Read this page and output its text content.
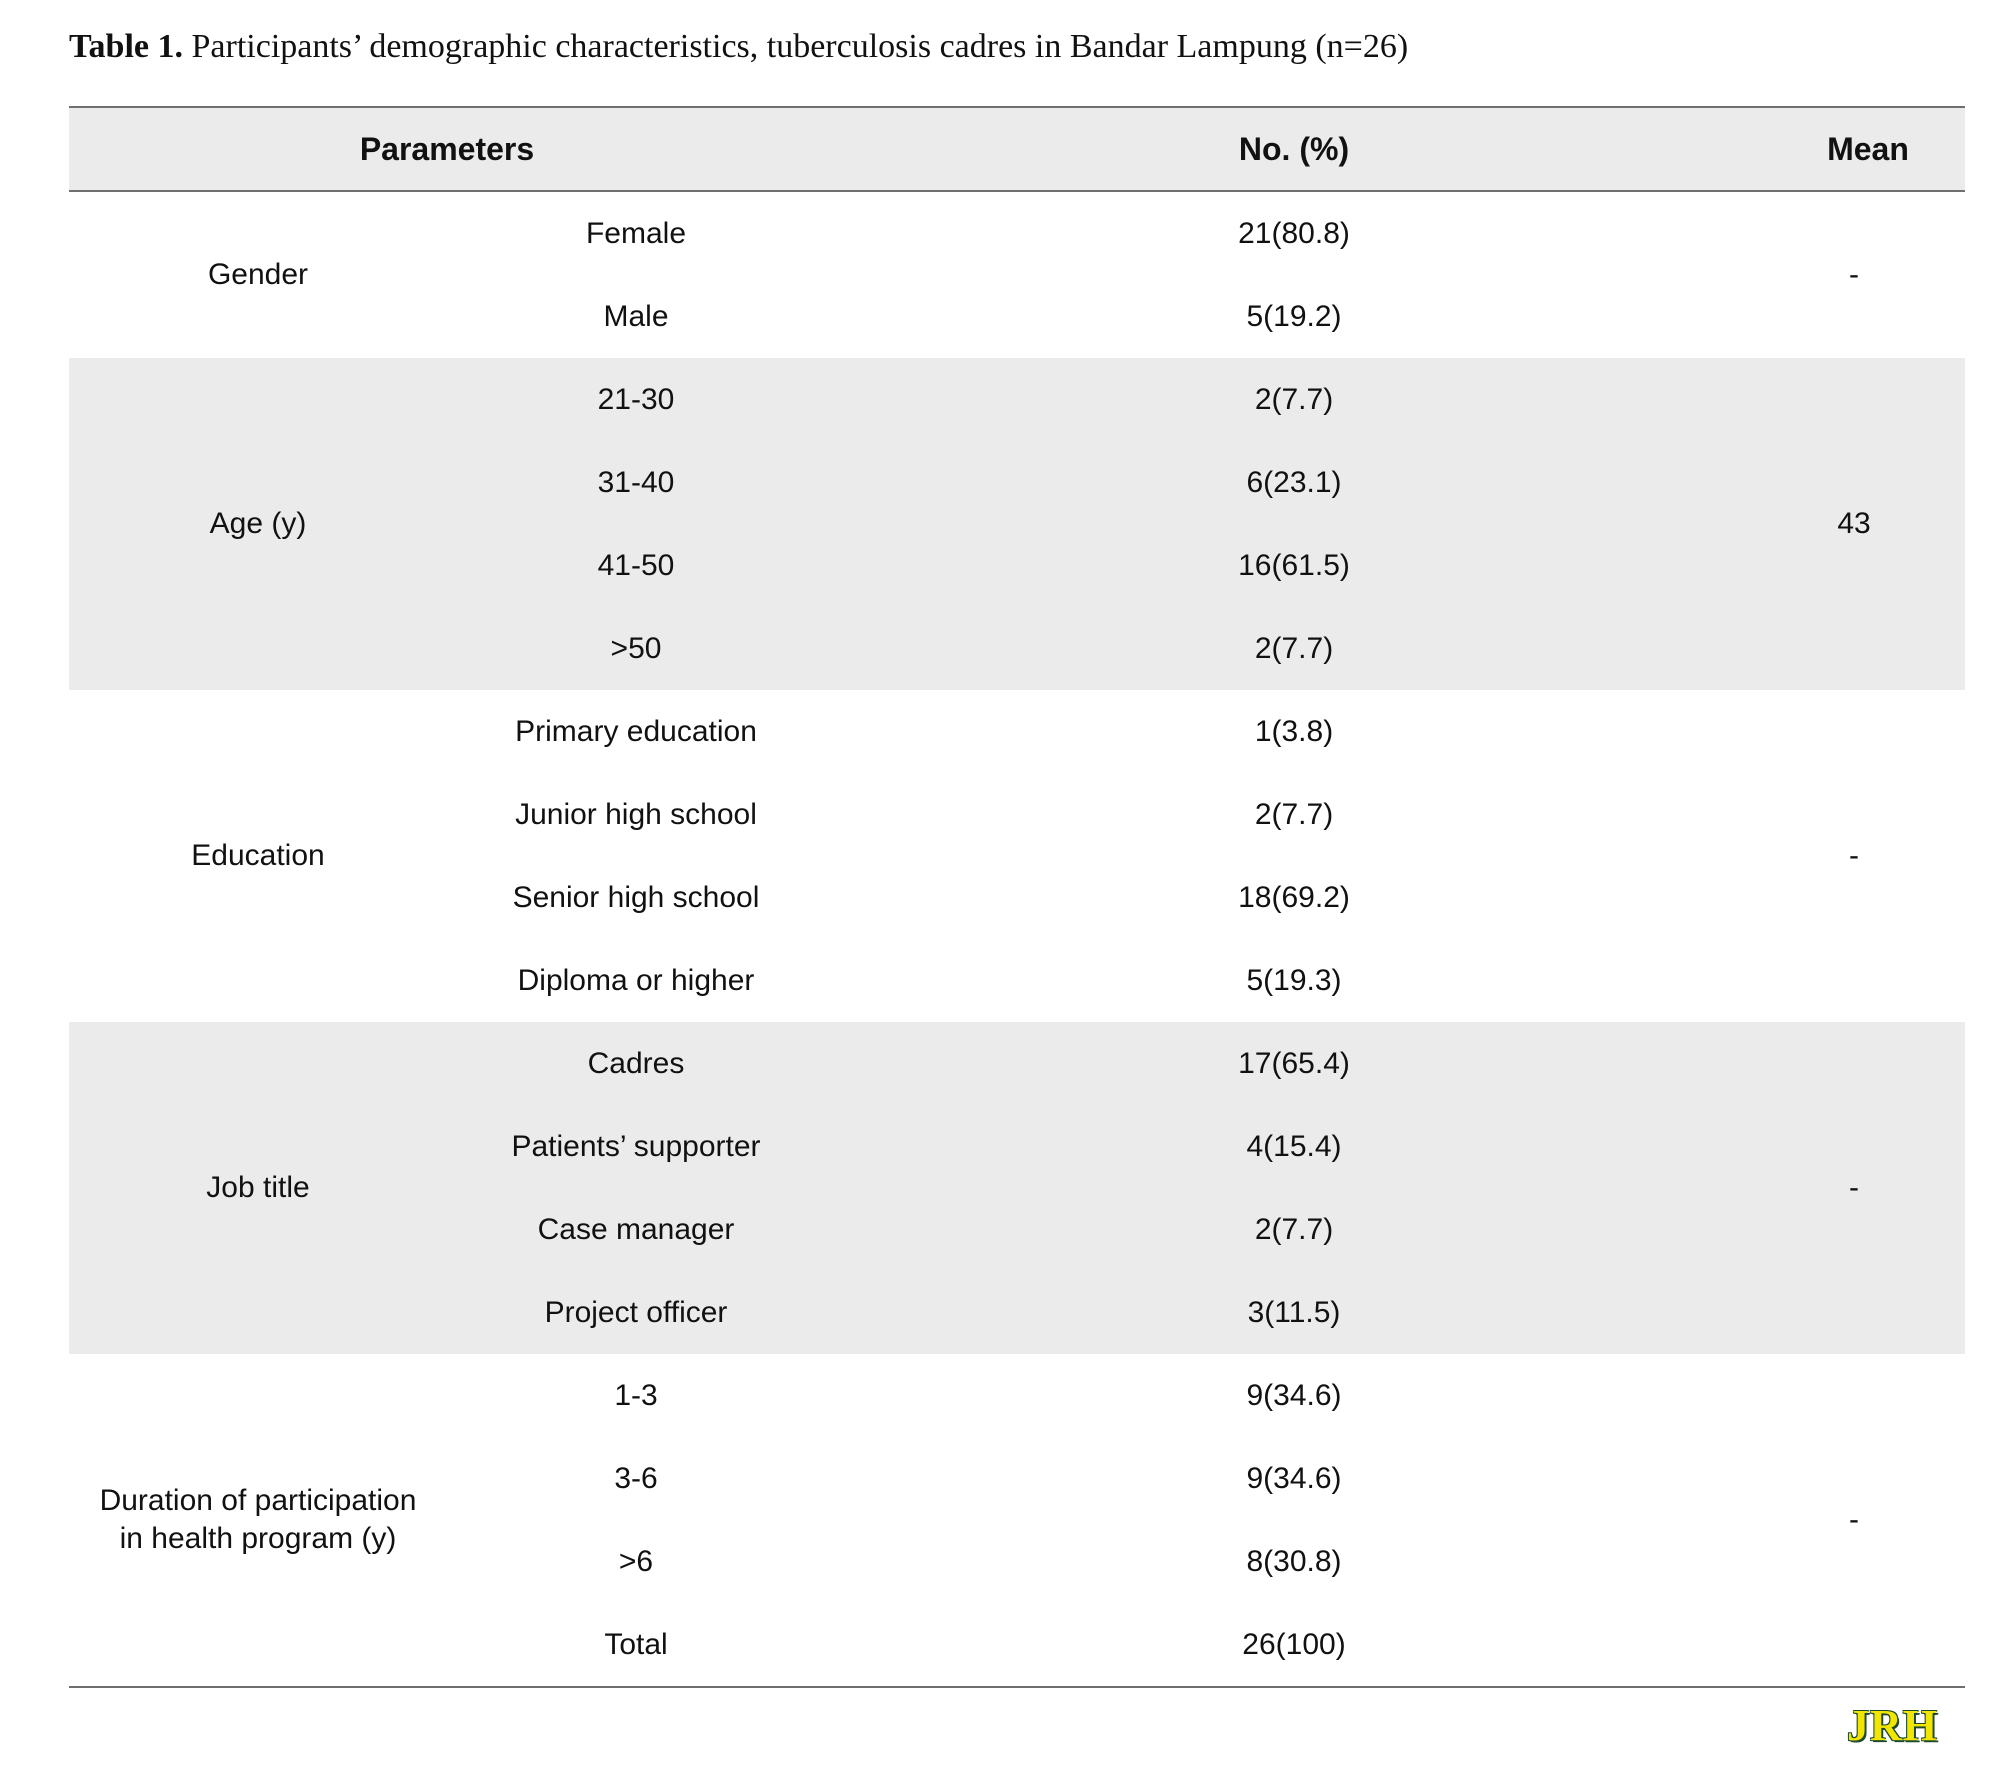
Table 1. Participants’ demographic characteristics, tuberculosis cadres in Bandar Lampung (n=26)
Parameters	No. (%)	Mean
Gender
Female	21(80.8)
Male	5(19.2)
-
Age (y)
21-30	2(7.7)
31-40	6(23.1)
41-50	16(61.5)
>50	2(7.7)
43
Education
Primary education	1(3.8)
Junior high school	2(7.7)
Senior high school	18(69.2)
Diploma or higher	5(19.3)
-
Job title
Cadres	17(65.4)
Patients’ supporter	4(15.4)
Case manager	2(7.7)
Project officer	3(11.5)
-
Duration of participation
in health program (y)
1-3	9(34.6)
3-6	9(34.6)
>6	8(30.8)
Total	26(100)
-
JRH
